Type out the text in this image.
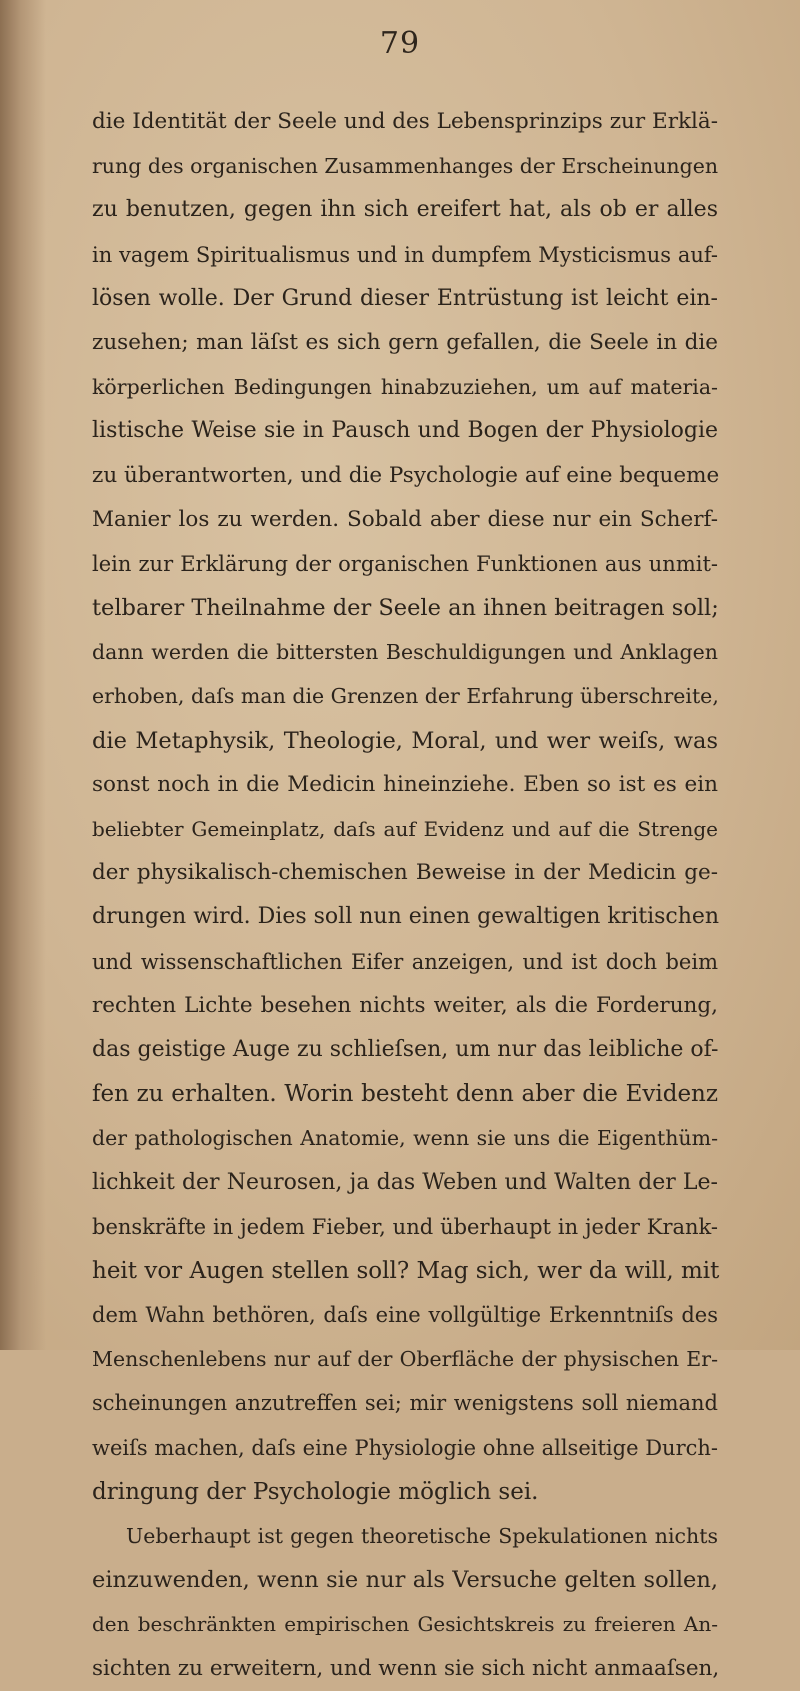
79
die Identität der Seele und des Lebensprinzips zur Erklä-
rung des organischen Zusammenhanges der Erscheinungen
zu benutzen, gegen ihn sich ereifert hat, als ob er alles
in vagem Spiritualismus und in dumpfem Mysticismus auf-
lösen wolle. Der Grund dieser Entrüstung ist leicht ein-
zusehen; man läſst es sich gern gefallen, die Seele in die
körperlichen Bedingungen hinabzuziehen, um auf materia-
listische Weise sie in Pausch und Bogen der Physiologie
zu überantworten, und die Psychologie auf eine bequeme
Manier los zu werden. Sobald aber diese nur ein Scherf-
lein zur Erklärung der organischen Funktionen aus unmit-
telbarer Theilnahme der Seele an ihnen beitragen soll;
dann werden die bittersten Beschuldigungen und Anklagen
erhoben, daſs man die Grenzen der Erfahrung überschreite,
die Metaphysik, Theologie, Moral, und wer weiſs, was
sonst noch in die Medicin hineinziehe. Eben so ist es ein
beliebter Gemeinplatz, daſs auf Evidenz und auf die Strenge
der physikalisch-chemischen Beweise in der Medicin ge-
drungen wird. Dies soll nun einen gewaltigen kritischen
und wissenschaftlichen Eifer anzeigen, und ist doch beim
rechten Lichte besehen nichts weiter, als die Forderung,
das geistige Auge zu schlieſsen, um nur das leibliche of-
fen zu erhalten. Worin besteht denn aber die Evidenz
der pathologischen Anatomie, wenn sie uns die Eigenthüm-
lichkeit der Neurosen, ja das Weben und Walten der Le-
benskräfte in jedem Fieber, und überhaupt in jeder Krank-
heit vor Augen stellen soll? Mag sich, wer da will, mit
dem Wahn bethören, daſs eine vollgültige Erkenntniſs des
Menschenlebens nur auf der Oberfläche der physischen Er-
scheinungen anzutreffen sei; mir wenigstens soll niemand
weiſs machen, daſs eine Physiologie ohne allseitige Durch-
dringung der Psychologie möglich sei.
Ueberhaupt ist gegen theoretische Spekulationen nichts
einzuwenden, wenn sie nur als Versuche gelten sollen,
den beschränkten empirischen Gesichtskreis zu freieren An-
sichten zu erweitern, und wenn sie sich nicht anmaaſsen,
